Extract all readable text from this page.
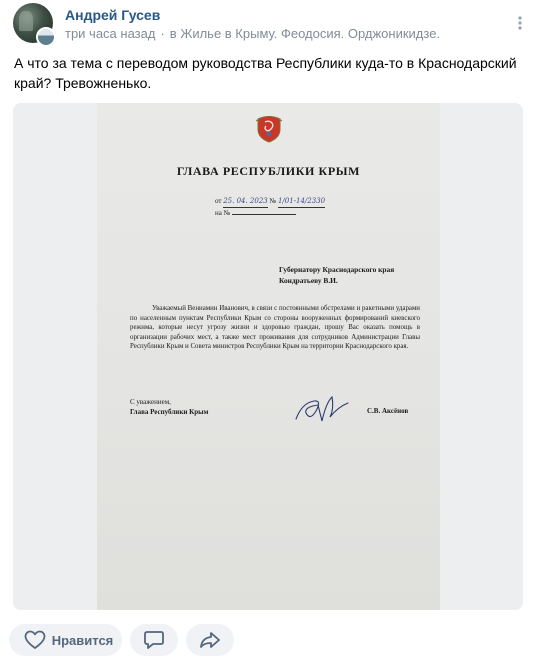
Андрей Гусев
три часа назад · в Жилье в Крыму. Феодосия. Орджоникидзе.
А что за тема с переводом руководства Республики куда-то в Краснодарский край? Тревожненько.
ГЛАВА РЕСПУБЛИКИ КРЫМ
от 25. 04. 2023 № 1/01-14/2330
на №
Губернатору Краснодарского края
Кондратьеву В.И.
Уважаемый Вениамин Иванович, в связи с постоянными обстрелами и ракетными ударами по населенным пунктам Республики Крым со стороны вооруженных формирований киевского режима, которые несут угрозу жизни и здоровью граждан, прошу Вас оказать помощь в организации рабочих мест, а также мест проживания для сотрудников Администрации Главы Республики Крым и Совета министров Республики Крым на территории Краснодарского края.
С уважением,
Глава Республики Крым	С.В. Аксёнов
Нравится
